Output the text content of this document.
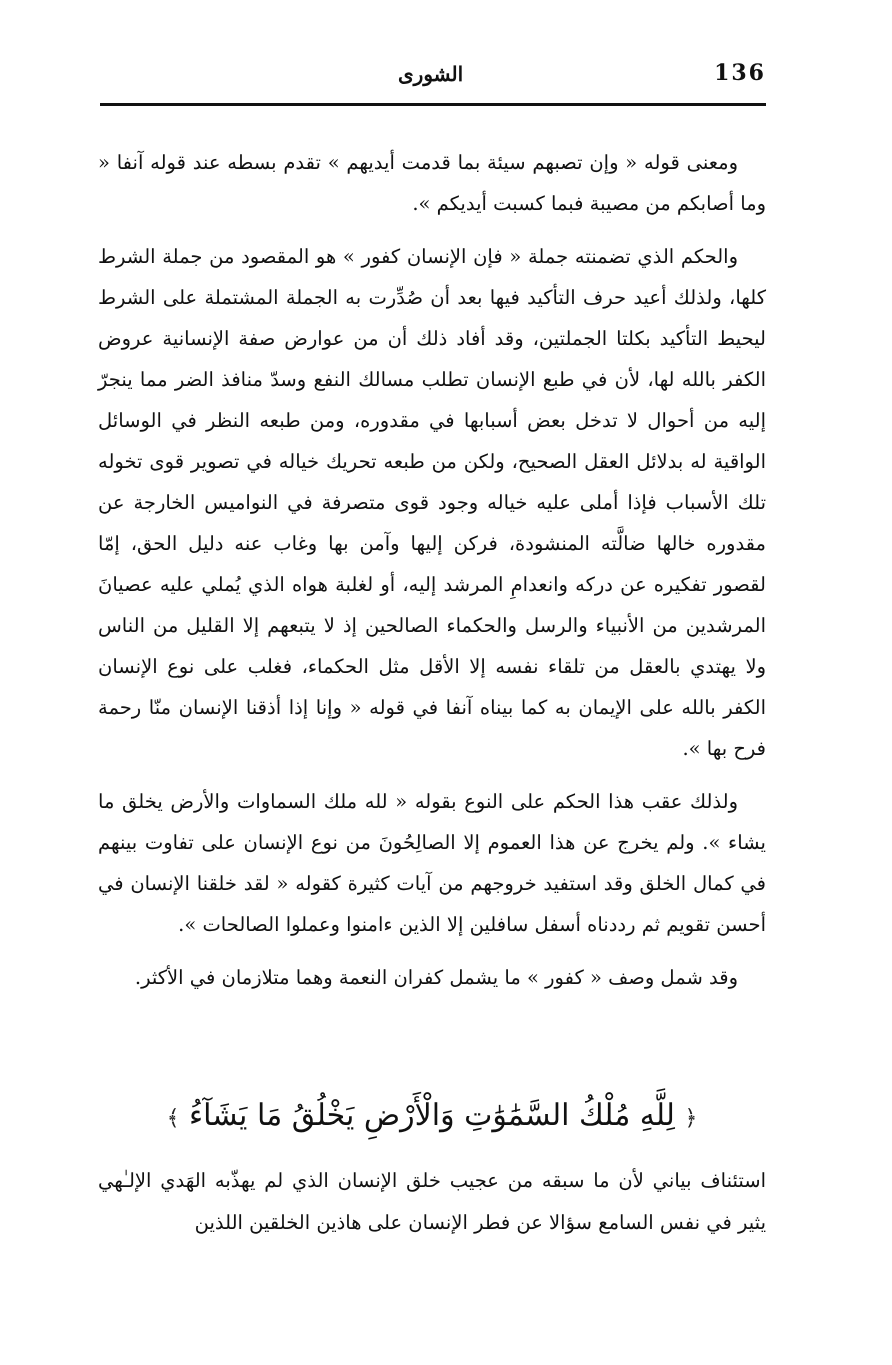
136
الشورى

ومعنى قوله « وإن تصبهم سيئة بما قدمت أيديهم » تقدم بسطه عند قوله آنفا « وما أصابكم من مصيبة فبما كسبت أيديكم ».

والحكم الذي تضمنته جملة « فإن الإنسان كفور » هو المقصود من جملة الشرط كلها، ولذلك أعيد حرف التأكيد فيها بعد أن صُدِّرت به الجملة المشتملة على الشرط ليحيط التأكيد بكلتا الجملتين، وقد أفاد ذلك أن من عوارض صفة الإنسانية عروض الكفر بالله لها، لأن في طبع الإنسان تطلب مسالك النفع وسدّ منافذ الضر مما ينجرّ إليه من أحوال لا تدخل بعض أسبابها في مقدوره، ومن طبعه النظر في الوسائل الواقية له بدلائل العقل الصحيح، ولكن من طبعه تحريك خياله في تصوير قوى تخوله تلك الأسباب فإذا أملى عليه خياله وجود قوى متصرفة في النواميس الخارجة عن مقدوره خالها ضالَّته المنشودة، فركن إليها وآمن بها وغاب عنه دليل الحق، إمّا لقصور تفكيره عن دركه وانعدامِ المرشد إليه، أو لغلبة هواه الذي يُملي عليه عصيانَ المرشدين من الأنبياء والرسل والحكماء الصالحين إذ لا يتبعهم إلا القليل من الناس ولا يهتدي بالعقل من تلقاء نفسه إلا الأقل مثل الحكماء، فغلب على نوع الإنسان الكفر بالله على الإيمان به كما بيناه آنفا في قوله « وإنا إذا أذقنا الإنسان منّا رحمة فرح بها ».

ولذلك عقب هذا الحكم على النوع بقوله « لله ملك السماوات والأرض يخلق ما يشاء ». ولم يخرج عن هذا العموم إلا الصالِحُونَ من نوع الإنسان على تفاوت بينهم في كمال الخلق وقد استفيد خروجهم من آيات كثيرة كقوله « لقد خلقنا الإنسان في أحسن تقويم ثم رددناه أسفل سافلين إلا الذين ءامنوا وعملوا الصالحات ».

وقد شمل وصف « كفور » ما يشمل كفران النعمة وهما متلازمان في الأكثر.

﴿ لِلَّهِ مُلْكُ السَّمَٰوَٰتِ وَالْأَرْضِ يَخْلُقُ مَا يَشَآءُ ﴾
استئناف بياني لأن ما سبقه من عجيب خلق الإنسان الذي لم يهذّبه الهَدي الإلـٰهي يثير في نفس السامع سؤالا عن فطر الإنسان على هاذين الخلقين اللذين
